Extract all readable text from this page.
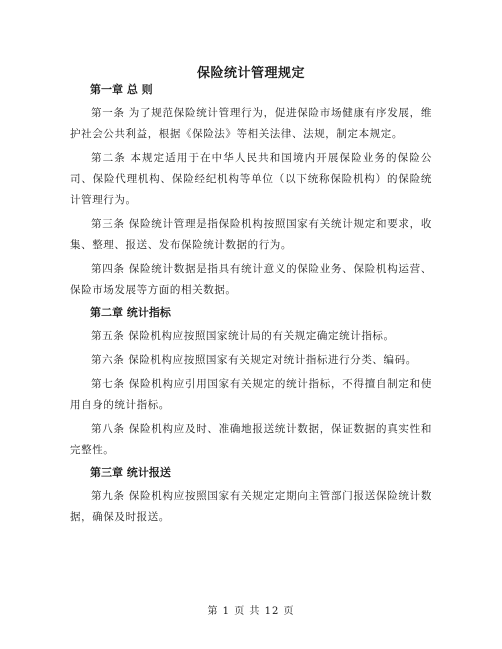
保险统计管理规定
第一章 总 则

第一条 为了规范保险统计管理行为，促进保险市场健康有序发展，维护社会公共利益，根据《保险法》等相关法律、法规，制定本规定。

第二条 本规定适用于在中华人民共和国境内开展保险业务的保险公司、保险代理机构、保险经纪机构等单位（以下统称保险机构）的保险统计管理行为。

第三条 保险统计管理是指保险机构按照国家有关统计规定和要求，收集、整理、报送、发布保险统计数据的行为。

第四条 保险统计数据是指具有统计意义的保险业务、保险机构运营、保险市场发展等方面的相关数据。

第二章 统计指标

第五条 保险机构应按照国家统计局的有关规定确定统计指标。

第六条 保险机构应按照国家有关规定对统计指标进行分类、编码。

第七条 保险机构应引用国家有关规定的统计指标，不得擅自制定和使用自身的统计指标。

第八条 保险机构应及时、准确地报送统计数据，保证数据的真实性和完整性。

第三章 统计报送

第九条 保险机构应按照国家有关规定定期向主管部门报送保险统计数据，确保及时报送。

第 1 页 共 12 页
